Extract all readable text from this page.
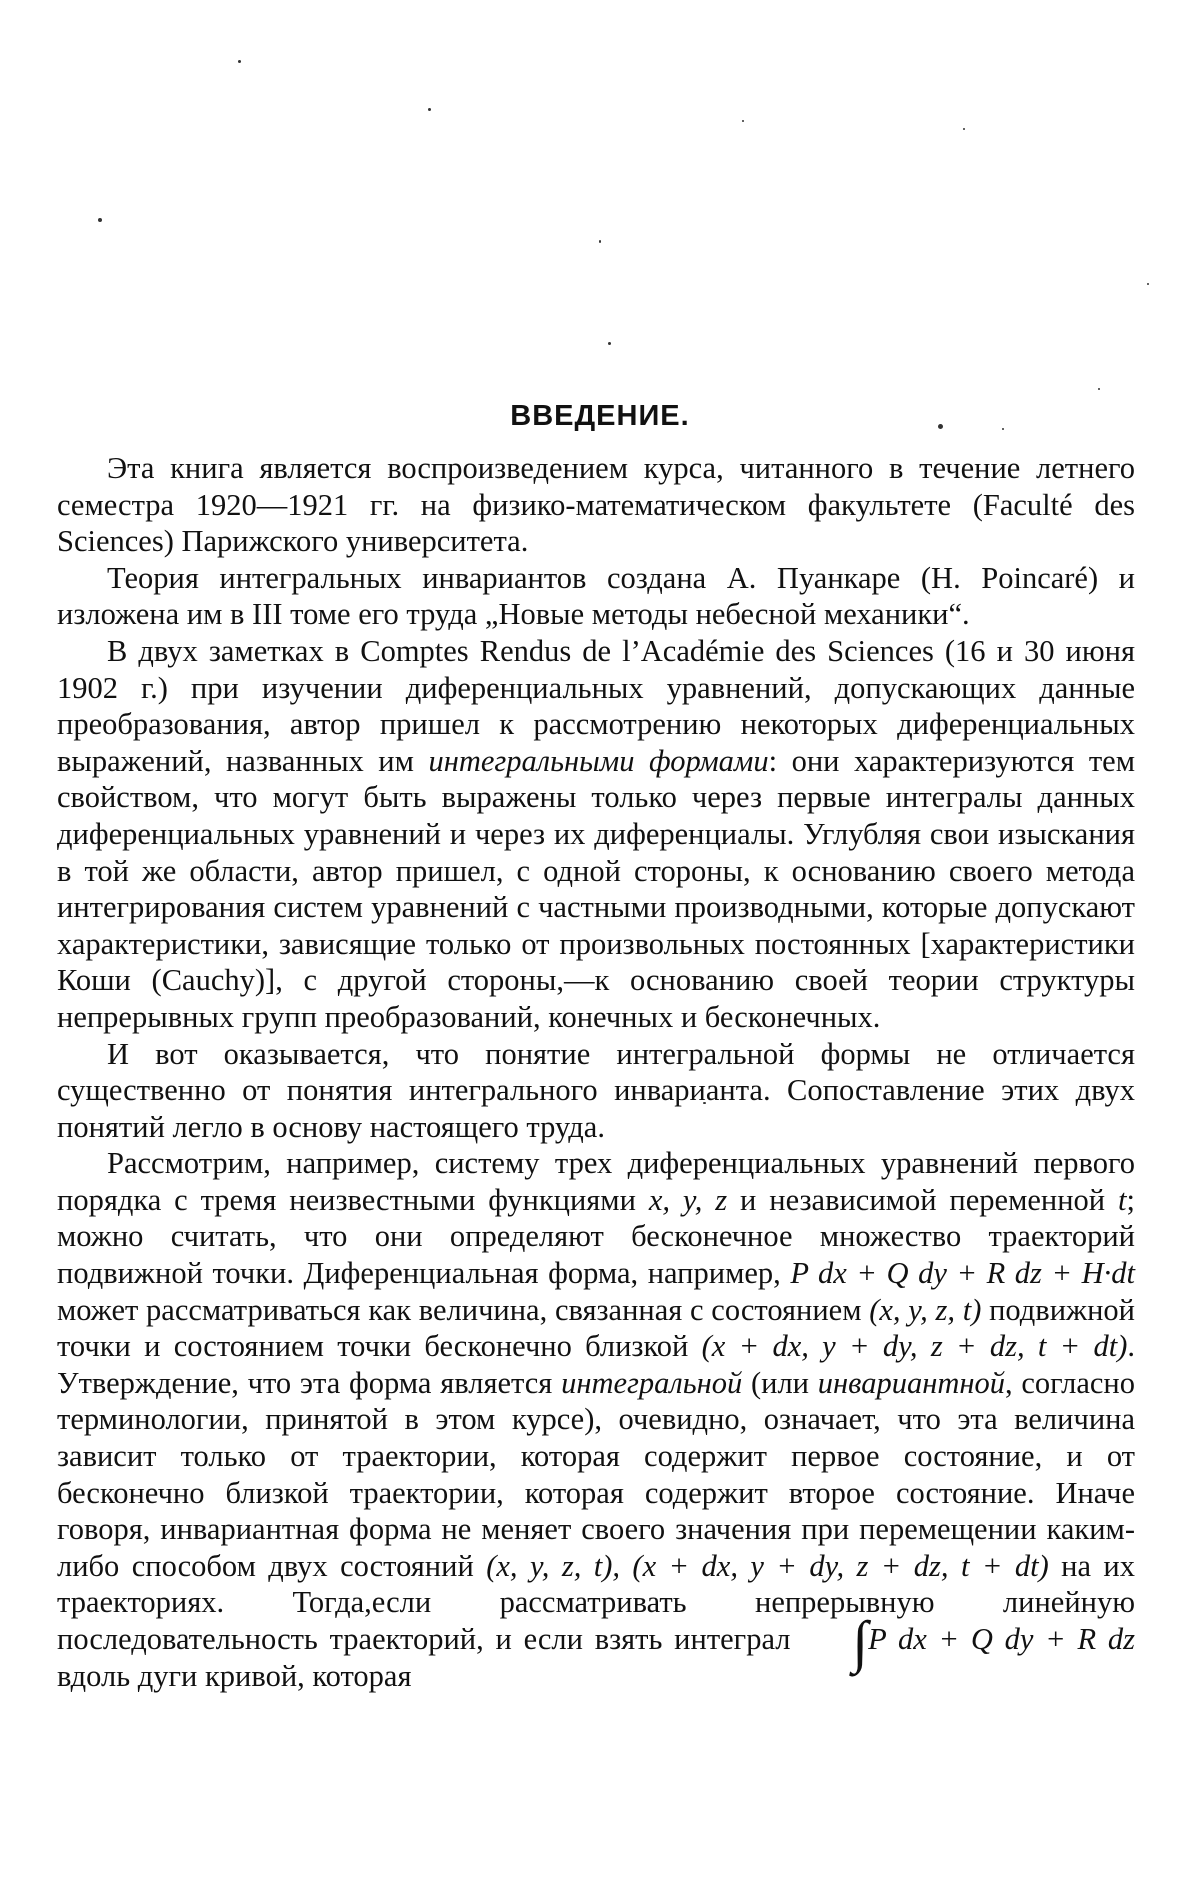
ВВЕДЕНИЕ.

Эта книга является воспроизведением курса, читанного в течение летнего семестра 1920—1921 гг. на физико-математическом факультете (Faculté des Sciences) Парижского университета.

Теория интегральных инвариантов создана А. Пуанкаре (H. Poincaré) и изложена им в III томе его труда „Новые методы небесной механики“.

В двух заметках в Comptes Rendus de l’Académie des Sciences (16 и 30 июня 1902 г.) при изучении диференциальных уравнений, допускающих данные преобразования, автор пришел к рассмотрению некоторых диференциальных выражений, названных им интегральными формами: они характеризуются тем свойством, что могут быть выражены только через первые интегралы данных диференциальных уравнений и через их диференциалы. Углубляя свои изыскания в той же области, автор пришел, с одной стороны, к основанию своего метода интегрирования систем уравнений с частными производными, которые допускают характеристики, зависящие только от произвольных постоянных [характеристики Коши (Cauchy)], с другой стороны,—к основанию своей теории структуры непрерывных групп преобразований, конечных и бесконечных.

И вот оказывается, что понятие интегральной формы не отличается существенно от понятия интегрального инварианта. Сопоставление этих двух понятий легло в основу настоящего труда.

Рассмотрим, например, систему трех диференциальных уравнений первого порядка с тремя неизвестными функциями x, y, z и независимой переменной t; можно считать, что они определяют бесконечное множество траекторий подвижной точки. Диференциальная форма, например, P dx + Q dy + R dz + H·dt может рассматриваться как величина, связанная с состоянием (x, y, z, t) подвижной точки и состоянием точки бесконечно близкой (x + dx, y + dy, z + dz, t + dt). Утверждение, что эта форма является интегральной (или инвариантной, согласно терминологии, принятой в этом курсе), очевидно, означает, что эта величина зависит только от траектории, которая содержит первое состояние, и от бесконечно близкой траектории, которая содержит второе состояние. Иначе говоря, инвариантная форма не меняет своего значения при перемещении каким-либо способом двух состояний (x, y, z, t), (x + dx, y + dy, z + dz, t + dt) на их траекториях. Тогда,если рассматривать непрерывную линейную последовательность траекторий, и если взять интеграл ∫P dx + Q dy + R dz вдоль дуги кривой, которая
